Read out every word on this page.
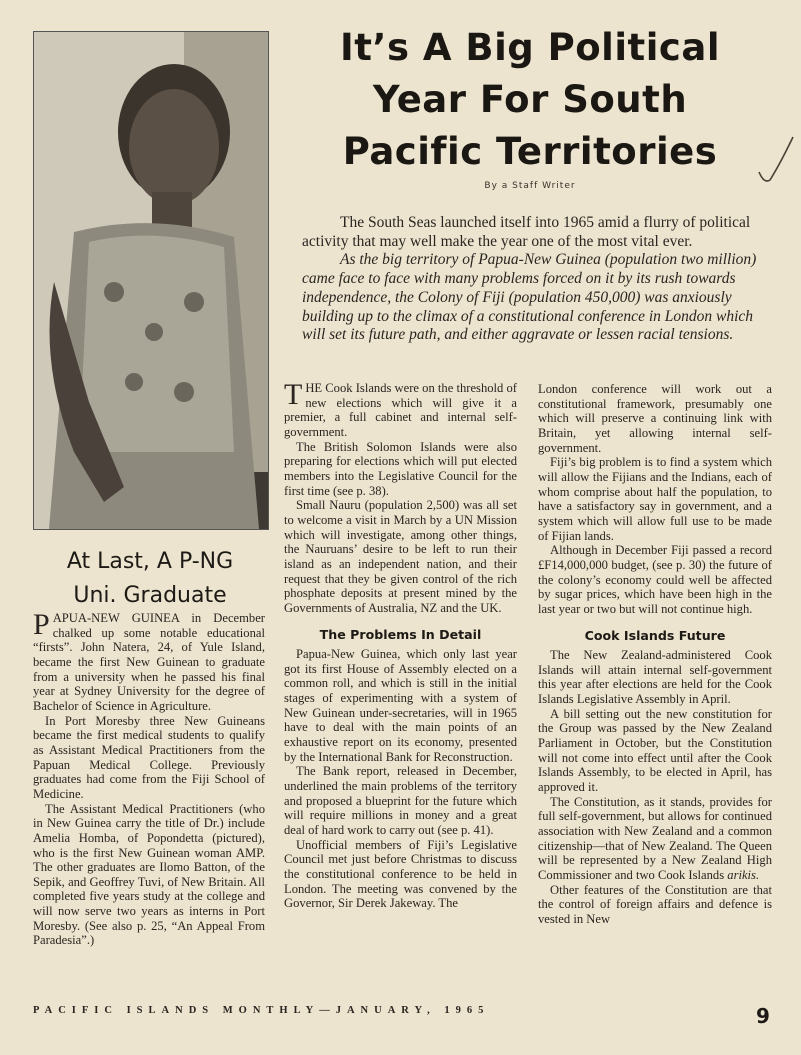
It’s A Big Political
Year For South
Pacific Territories
By a Staff Writer

The South Seas launched itself into 1965 amid a flurry of political activity that may well make the year one of the most vital ever.

As the big territory of Papua-New Guinea (population two million) came face to face with many problems forced on it by its rush towards independence, the Colony of Fiji (population 450,000) was anxiously building up to the climax of a constitutional conference in London which will set its future path, and either aggravate or lessen racial tensions.

At Last, A P-NG
Uni. Graduate

PAPUA-NEW GUINEA in December chalked up some notable educational “firsts”. John Natera, 24, of Yule Island, became the first New Guinean to graduate from a university when he passed his final year at Sydney University for the degree of Bachelor of Science in Agriculture.

In Port Moresby three New Guineans became the first medical students to qualify as Assistant Medical Practitioners from the Papuan Medical College. Previously graduates had come from the Fiji School of Medicine.

The Assistant Medical Practitioners (who in New Guinea carry the title of Dr.) include Amelia Homba, of Popondetta (pictured), who is the first New Guinean woman AMP. The other graduates are Ilomo Batton, of the Sepik, and Geoffrey Tuvi, of New Britain. All completed five years study at the college and will now serve two years as interns in Port Moresby. (See also p. 25, “An Appeal From Paradesia”.)

THE Cook Islands were on the threshold of new elections which will give it a premier, a full cabinet and internal self-government.

The British Solomon Islands were also preparing for elections which will put elected members into the Legislative Council for the first time (see p. 38).

Small Nauru (population 2,500) was all set to welcome a visit in March by a UN Mission which will investigate, among other things, the Nauruans’ desire to be left to run their island as an independent nation, and their request that they be given control of the rich phosphate deposits at present mined by the Governments of Australia, NZ and the UK.

The Problems In Detail

Papua-New Guinea, which only last year got its first House of Assembly elected on a common roll, and which is still in the initial stages of experimenting with a system of New Guinean under-secretaries, will in 1965 have to deal with the main points of an exhaustive report on its economy, presented by the International Bank for Reconstruction.

The Bank report, released in December, underlined the main problems of the territory and proposed a blueprint for the future which will require millions in money and a great deal of hard work to carry out (see p. 41).

Unofficial members of Fiji’s Legislative Council met just before Christmas to discuss the constitutional conference to be held in London. The meeting was convened by the Governor, Sir Derek Jakeway. The

London conference will work out a constitutional framework, presumably one which will preserve a continuing link with Britain, yet allowing internal self-government.

Fiji’s big problem is to find a system which will allow the Fijians and the Indians, each of whom comprise about half the population, to have a satisfactory say in government, and a system which will allow full use to be made of Fijian lands.

Although in December Fiji passed a record £F14,000,000 budget, (see p. 30) the future of the colony’s economy could well be affected by sugar prices, which have been high in the last year or two but will not continue high.

Cook Islands Future

The New Zealand-administered Cook Islands will attain internal self-government this year after elections are held for the Cook Islands Legislative Assembly in April.

A bill setting out the new constitution for the Group was passed by the New Zealand Parliament in October, but the Constitution will not come into effect until after the Cook Islands Assembly, to be elected in April, has approved it.

The Constitution, as it stands, provides for full self-government, but allows for continued association with New Zealand and a common citizenship—that of New Zealand. The Queen will be represented by a New Zealand High Commissioner and two Cook Islands arikis.

Other features of the Constitution are that the control of foreign affairs and defence is vested in New

PACIFIC ISLANDS MONTHLY—JANUARY, 1965	9
